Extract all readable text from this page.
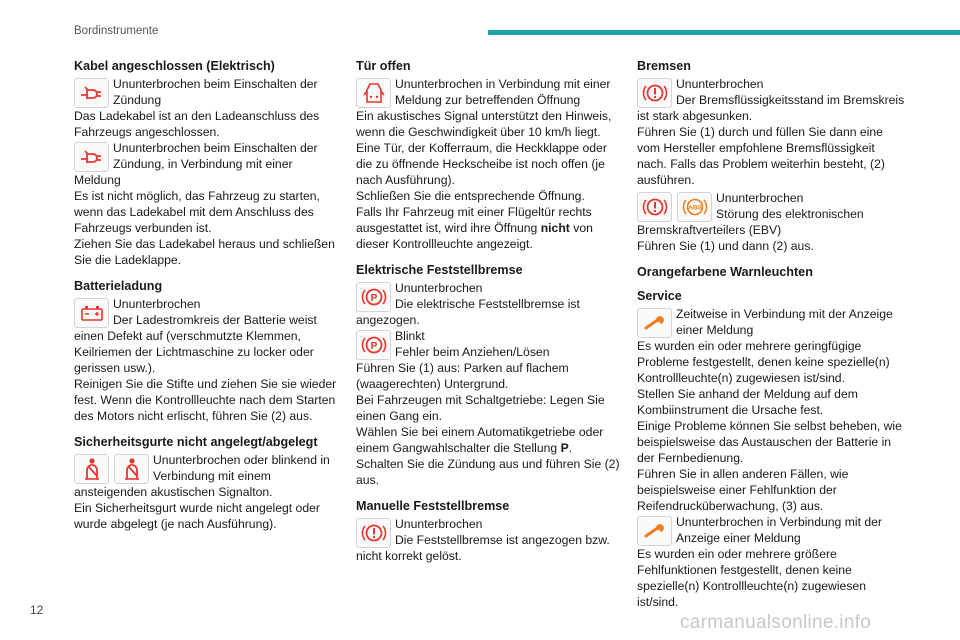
Bordinstrumente
Kabel angeschlossen (Elektrisch)

Ununterbrochen beim Einschalten der Zündung

Das Ladekabel ist an den Ladeanschluss des Fahrzeugs angeschlossen.

Ununterbrochen beim Einschalten der Zündung, in Verbindung mit einer Meldung

Es ist nicht möglich, das Fahrzeug zu starten, wenn das Ladekabel mit dem Anschluss des Fahrzeugs verbunden ist.

Ziehen Sie das Ladekabel heraus und schließen Sie die Ladeklappe.

Batterieladung

Ununterbrochen

Der Ladestromkreis der Batterie weist einen Defekt auf (verschmutzte Klemmen, Keilriemen der Lichtmaschine zu locker oder gerissen usw.).

Reinigen Sie die Stifte und ziehen Sie sie wieder fest. Wenn die Kontrollleuchte nach dem Starten des Motors nicht erlischt, führen Sie (2) aus.

Sicherheitsgurte nicht angelegt/abgelegt

Ununterbrochen oder blinkend in Verbindung mit einem ansteigenden akustischen Signalton.

Ein Sicherheitsgurt wurde nicht angelegt oder wurde abgelegt (je nach Ausführung).

Tür offen

Ununterbrochen in Verbindung mit einer Meldung zur betreffenden Öffnung

Ein akustisches Signal unterstützt den Hinweis, wenn die Geschwindigkeit über 10 km/h liegt.

Eine Tür, der Kofferraum, die Heckklappe oder die zu öffnende Heckscheibe ist noch offen (je nach Ausführung).

Schließen Sie die entsprechende Öffnung.

Falls Ihr Fahrzeug mit einer Flügeltür rechts ausgestattet ist, wird ihre Öffnung nicht von dieser Kontrollleuchte angezeigt.

Elektrische Feststellbremse
P

Ununterbrochen

Die elektrische Feststellbremse ist angezogen.

P

Blinkt

Fehler beim Anziehen/Lösen

Führen Sie (1) aus: Parken auf flachem (waagerechten) Untergrund.

Bei Fahrzeugen mit Schaltgetriebe: Legen Sie einen Gang ein.

Wählen Sie bei einem Automatikgetriebe oder einem Gangwahlschalter die Stellung P.

Schalten Sie die Zündung aus und führen Sie (2) aus.

Manuelle Feststellbremse

Ununterbrochen

Die Feststellbremse ist angezogen bzw. nicht korrekt gelöst.

Bremsen

Ununterbrochen

Der Bremsflüssigkeitsstand im Bremskreis ist stark abgesunken.

Führen Sie (1) durch und füllen Sie dann eine vom Hersteller empfohlene Bremsflüssigkeit nach. Falls das Problem weiterhin besteht, (2) ausführen.

ABS

Ununterbrochen

Störung des elektronischen Bremskraftverteilers (EBV)

Führen Sie (1) und dann (2) aus.

Orangefarbene Warnleuchten
Service

Zeitweise in Verbindung mit der Anzeige einer Meldung

Es wurden ein oder mehrere geringfügige Probleme festgestellt, denen keine spezielle(n) Kontrollleuchte(n) zugewiesen ist/sind.

Stellen Sie anhand der Meldung auf dem Kombiinstrument die Ursache fest.

Einige Probleme können Sie selbst beheben, wie beispielsweise das Austauschen der Batterie in der Fernbedienung.

Führen Sie in allen anderen Fällen, wie beispielsweise einer Fehlfunktion der Reifendrucküberwachung, (3) aus.

Ununterbrochen in Verbindung mit der Anzeige einer Meldung

Es wurden ein oder mehrere größere Fehlfunktionen festgestellt, denen keine spezielle(n) Kontrollleuchte(n) zugewiesen ist/sind.

12
carmanualsonline.info
